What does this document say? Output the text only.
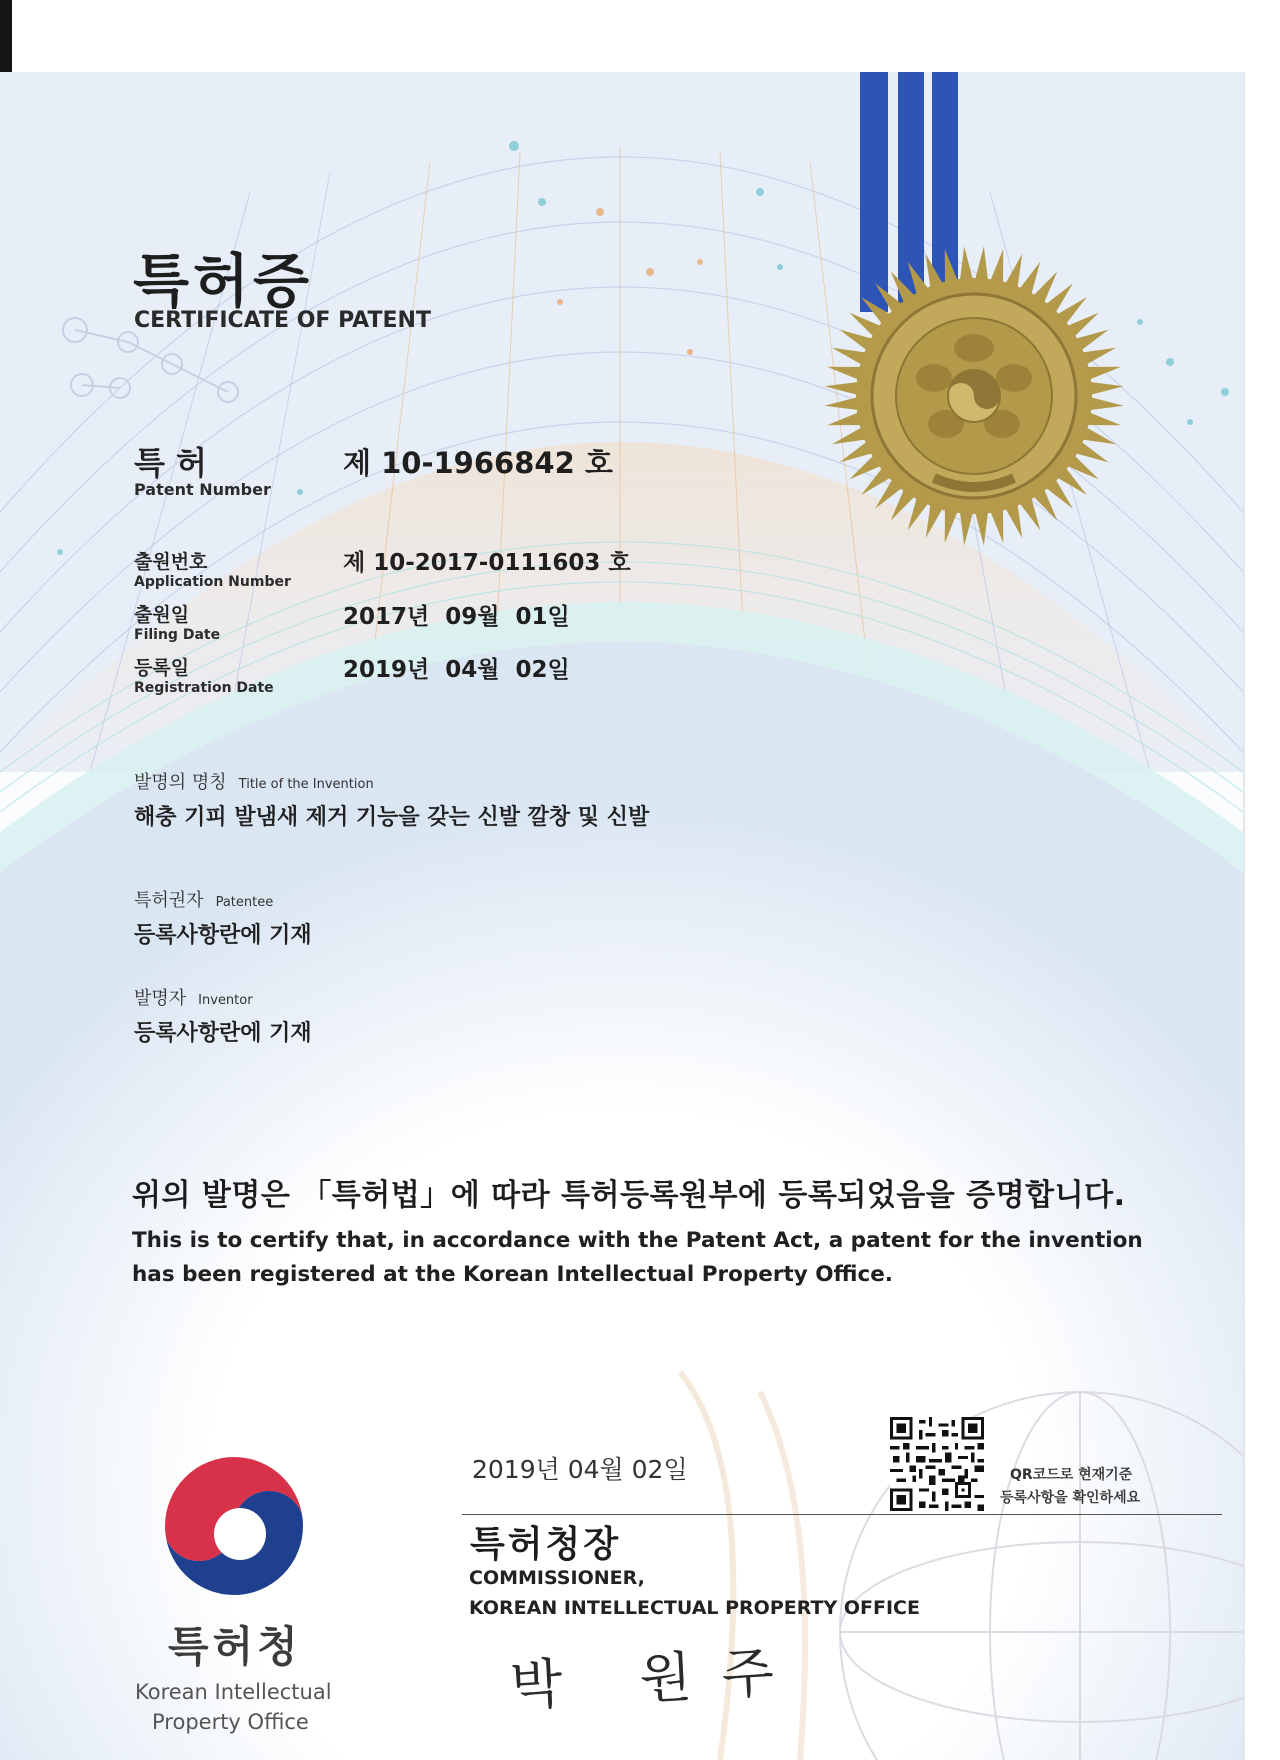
특허증
CERTIFICATE OF PATENT
특 허
Patent Number
제 10-1966842 호
출원번호
Application Number
제 10-2017-0111603 호
출원일
Filing Date
2017년  09월  01일
등록일
Registration Date
2019년  04월  02일
발명의 명칭 Title of the Invention
해충 기피 발냄새 제거 기능을 갖는 신발 깔창 및 신발
특허권자 Patentee
등록사항란에 기재
발명자 Inventor
등록사항란에 기재
위의 발명은 「특허법」에 따라 특허등록원부에 등록되었음을 증명합니다.
This is to certify that, in accordance with the Patent Act, a patent for the invention has been registered at the Korean Intellectual Property Office.
2019년 04월 02일
특허청장
COMMISSIONER,
KOREAN INTELLECTUAL PROPERTY OFFICE
박 원주
QR코드로 현재기준
등록사항을 확인하세요
특허청
Korean Intellectual
Property Office
